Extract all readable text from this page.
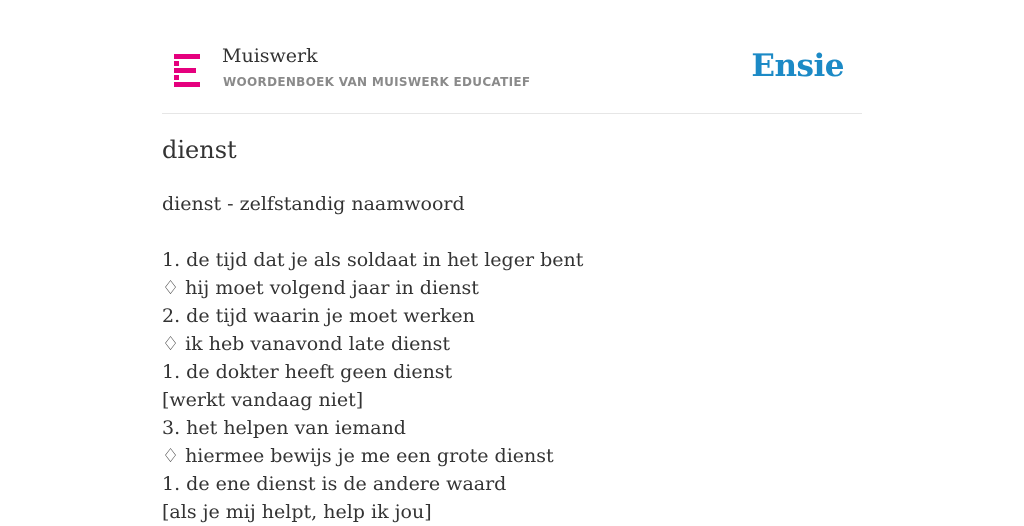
Muiswerk
WOORDENBOEK VAN MUISWERK EDUCATIEF	Ensie
dienst
dienst - zelfstandig naamwoord
1. de tijd dat je als soldaat in het leger bent
♢ hij moet volgend jaar in dienst
2. de tijd waarin je moet werken
♢ ik heb vanavond late dienst
1. de dokter heeft geen dienst
[werkt vandaag niet]
3. het helpen van iemand
♢ hiermee bewijs je me een grote dienst
1. de ene dienst is de andere waard
[als je mij helpt, help ik jou]
